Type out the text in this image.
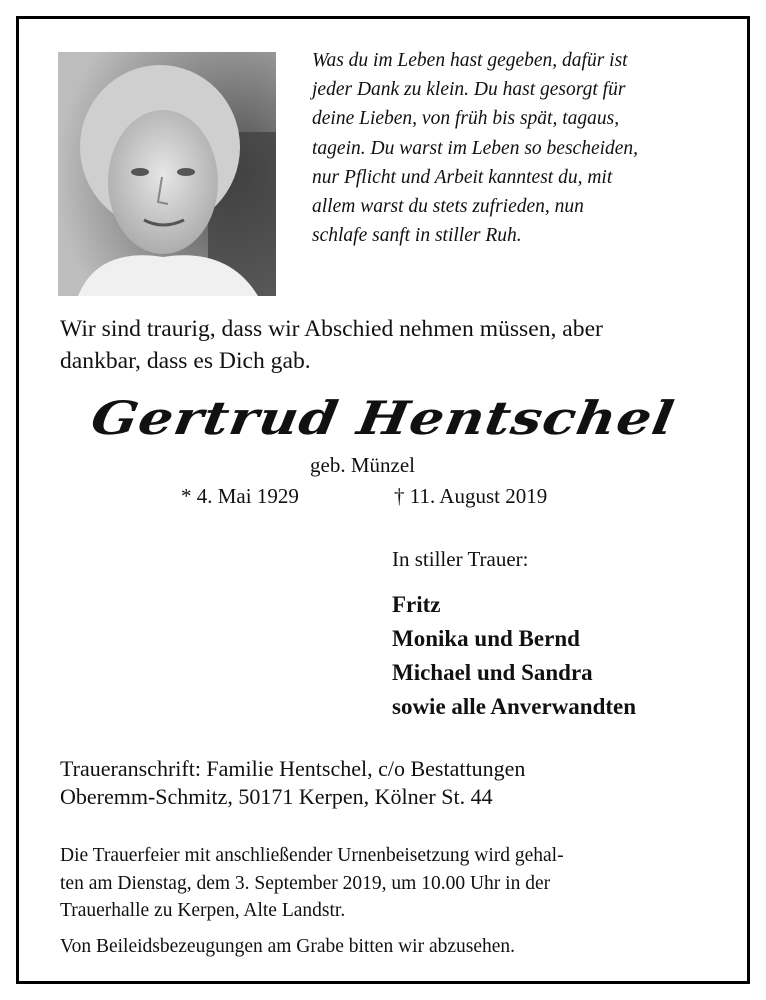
Was du im Leben hast gegeben, dafür ist
jeder Dank zu klein. Du hast gesorgt für
deine Lieben, von früh bis spät, tagaus,
tagein. Du warst im Leben so bescheiden,
nur Pflicht und Arbeit kanntest du, mit
allem warst du stets zufrieden, nun
schlafe sanft in stiller Ruh.
Wir sind traurig, dass wir Abschied nehmen müssen, aber
dankbar, dass es Dich gab.
Gertrud Hentschel
geb. Münzel
* 4. Mai 1929	† 11. August 2019
In stiller Trauer:
Fritz
Monika und Bernd
Michael und Sandra
sowie alle Anverwandten
Traueranschrift: Familie Hentschel, c/o Bestattungen
Oberemm-Schmitz, 50171 Kerpen, Kölner St. 44
Die Trauerfeier mit anschließender Urnenbeisetzung wird gehal-
ten am Dienstag, dem 3. September 2019, um 10.00 Uhr in der
Trauerhalle zu Kerpen, Alte Landstr.
Von Beileidsbezeugungen am Grabe bitten wir abzusehen.
